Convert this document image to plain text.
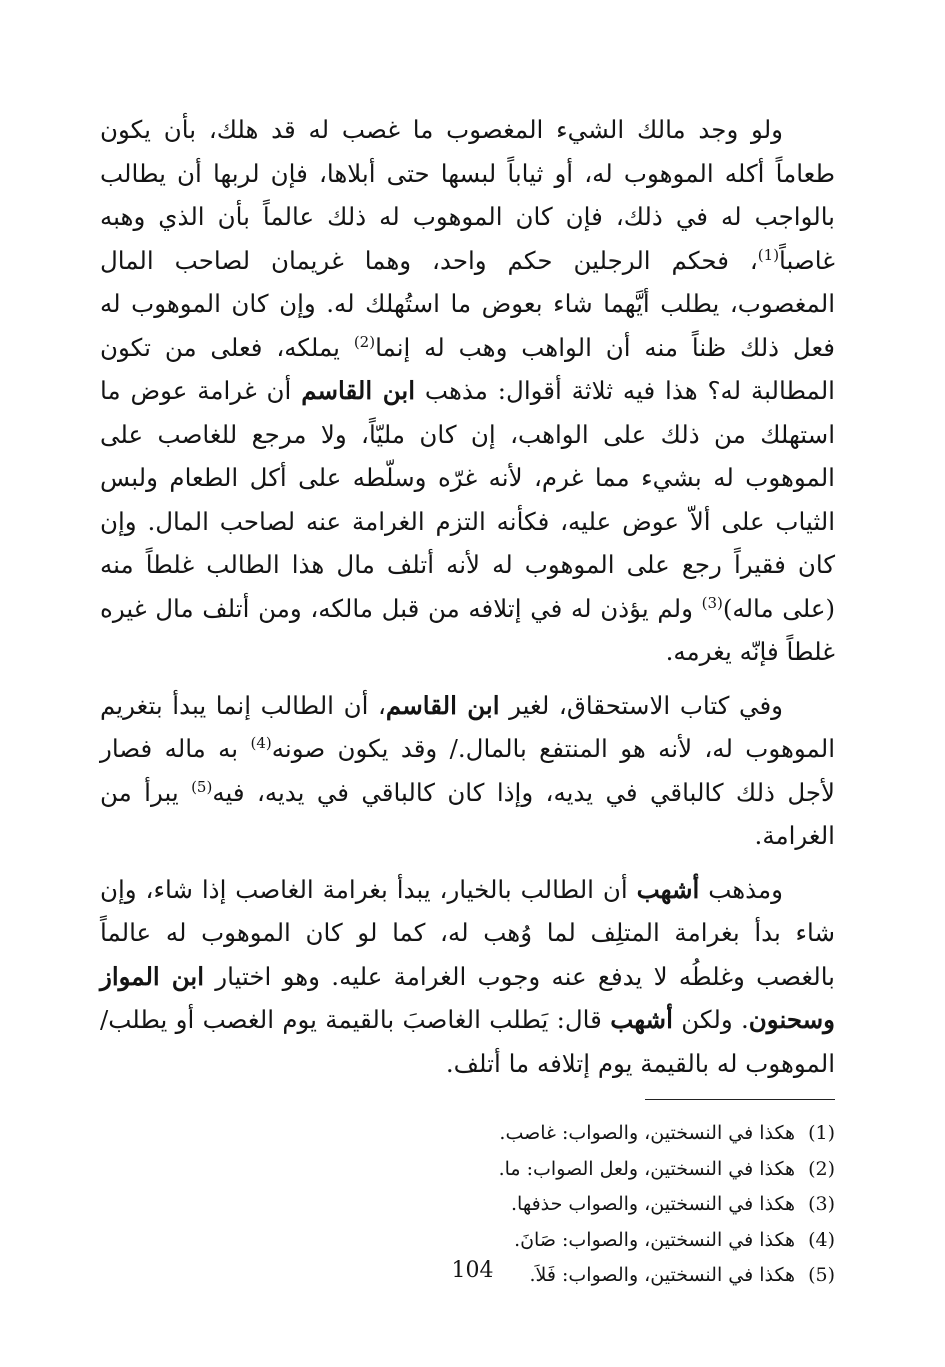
ولو وجد مالك الشيء المغصوب ما غصب له قد هلك، بأن يكون طعاماً أكله الموهوب له، أو ثياباً لبسها حتى أبلاها، فإن لربها أن يطالب بالواجب له في ذلك، فإن كان الموهوب له ذلك عالماً بأن الذي وهبه غاصباً$^{(1)}$، فحكم الرجلين حكم واحد، وهما غريمان لصاحب المال المغصوب، يطلب أيَّهما شاء بعوض ما استُهلك له. وإن كان الموهوب له فعل ذلك ظناً منه أن الواهب وهب له إنما$^{(2)}$ يملكه، فعلى من تكون المطالبة له؟ هذا فيه ثلاثة أقوال: مذهب ابن القاسم أن غرامة عوض ما استهلك من ذلك على الواهب، إن كان مليّاً، ولا مرجع للغاصب على الموهوب له بشيء مما غرم، لأنه غرّه وسلّطه على أكل الطعام ولبس الثياب على ألاّ عوض عليه، فكأنه التزم الغرامة عنه لصاحب المال. وإن كان فقيراً رجع على الموهوب له لأنه أتلف مال هذا الطالب غلطاً منه (على ماله)$^{(3)}$ ولم يؤذن له في إتلافه من قبل مالكه، ومن أتلف مال غيره غلطاً فإنّه يغرمه.

وفي كتاب الاستحقاق، لغير ابن القاسم، أن الطالب إنما يبدأ بتغريم الموهوب له، لأنه هو المنتفع بالمال./ وقد يكون صونه$^{(4)}$ به ماله فصار لأجل ذلك كالباقي في يديه، وإذا كان كالباقي في يديه، فيه$^{(5)}$ يبرأ من الغرامة.

ومذهب أشهب أن الطالب بالخيار، يبدأ بغرامة الغاصب إذا شاء، وإن شاء بدأ بغرامة المتلِف لما وُهب له، كما لو كان الموهوب له عالماً بالغصب وغلطُه لا يدفع عنه وجوب الغرامة عليه. وهو اختيار ابن المواز وسحنون. ولكن أشهب قال: يَطلب الغاصبَ بالقيمة يوم الغصب أو يطلب/ الموهوب له بالقيمة يوم إتلافه ما أتلف.

(1)هكذا في النسختين، والصواب: غاصب.
(2)هكذا في النسختين، ولعل الصواب: ما.
(3)هكذا في النسختين، والصواب حذفها.
(4)هكذا في النسختين، والصواب: صَانَ.
(5)هكذا في النسختين، والصواب: فَلاَ.
104
